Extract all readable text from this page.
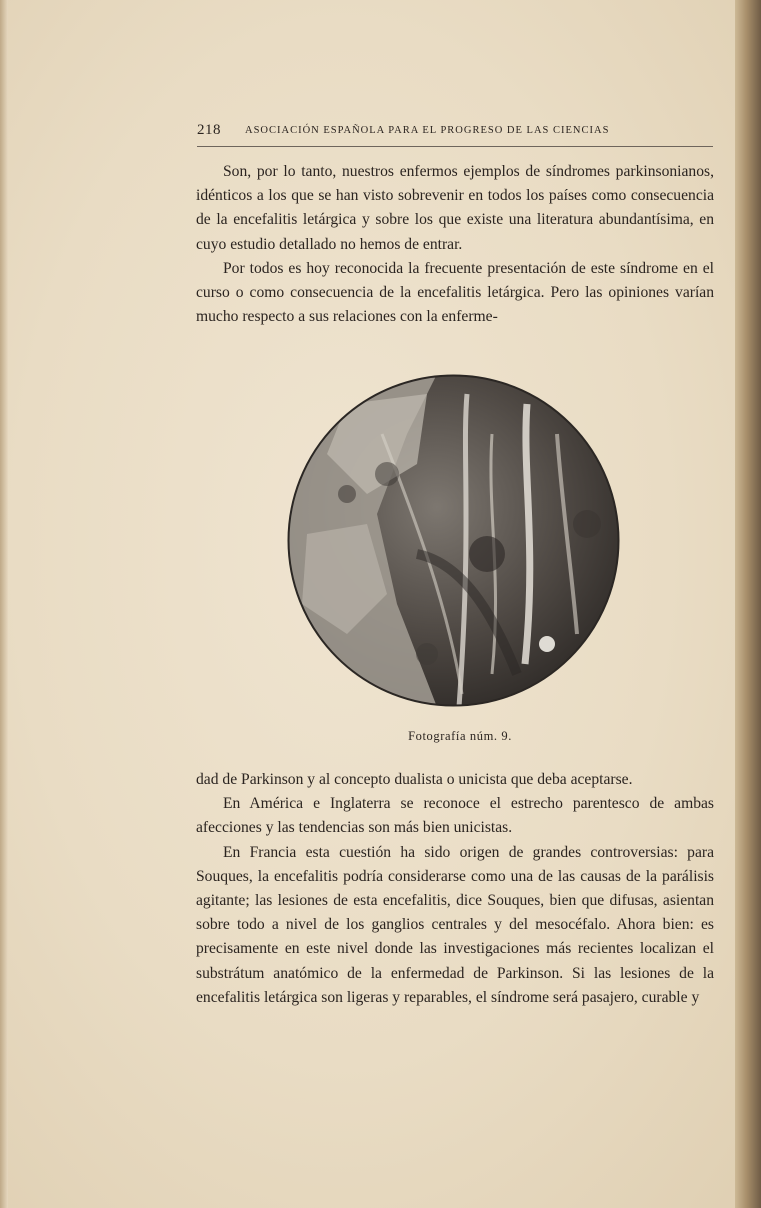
218 ASOCIACIÓN ESPAÑOLA PARA EL PROGRESO DE LAS CIENCIAS

Son, por lo tanto, nuestros enfermos ejemplos de síndromes parkinsonianos, idénticos a los que se han visto sobrevenir en todos los países como consecuencia de la encefalitis letárgica y sobre los que existe una literatura abundantísima, en cuyo estudio detallado no hemos de entrar.

Por todos es hoy reconocida la frecuente presentación de este síndrome en el curso o como consecuencia de la encefalitis letárgica. Pero las opiniones varían mucho respecto a sus relaciones con la enferme-

Fotografía núm. 9.

dad de Parkinson y al concepto dualista o unicista que deba aceptarse.

En América e Inglaterra se reconoce el estrecho parentesco de ambas afecciones y las tendencias son más bien unicistas.

En Francia esta cuestión ha sido origen de grandes controversias: para Souques, la encefalitis podría considerarse como una de las causas de la parálisis agitante; las lesiones de esta encefalitis, dice Souques, bien que difusas, asientan sobre todo a nivel de los ganglios centrales y del mesocéfalo. Ahora bien: es precisamente en este nivel donde las investigaciones más recientes localizan el substrátum anatómico de la enfermedad de Parkinson. Si las lesiones de la encefalitis letárgica son ligeras y reparables, el síndrome será pasajero, curable y
